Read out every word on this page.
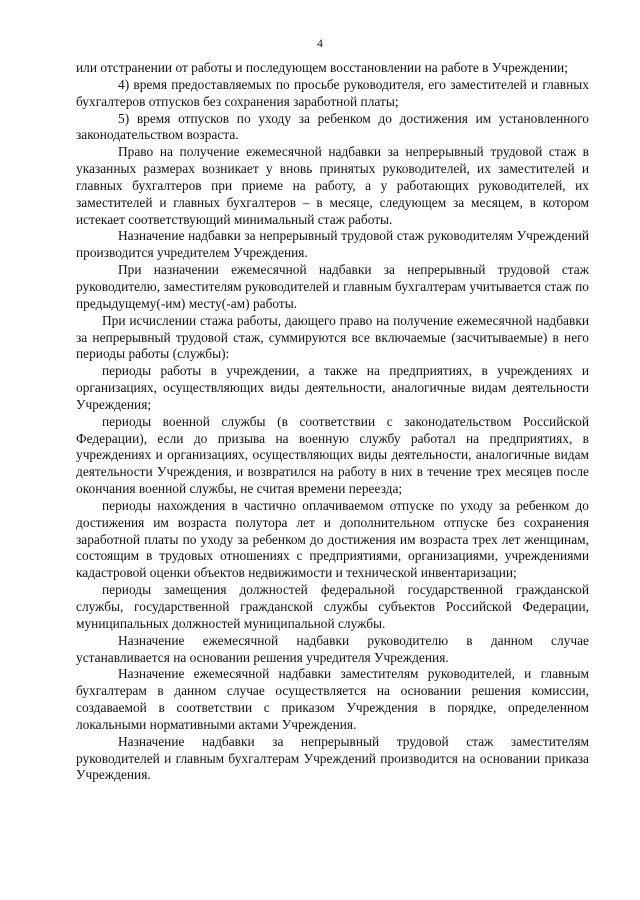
4

или отстранении от работы и последующем восстановлении на работе в Учреждении;

4) время предоставляемых по просьбе руководителя, его заместителей и главных бухгалтеров отпусков без сохранения заработной платы;

5) время отпусков по уходу за ребенком до достижения им установленного законодательством возраста.

Право на получение ежемесячной надбавки за непрерывный трудовой стаж в указанных размерах возникает у вновь принятых руководителей, их заместителей и главных бухгалтеров при приеме на работу, а у работающих руководителей, их заместителей и главных бухгалтеров – в месяце, следующем за месяцем, в котором истекает соответствующий минимальный стаж работы.

Назначение надбавки за непрерывный трудовой стаж руководителям Учреждений производится учредителем Учреждения.

При назначении ежемесячной надбавки за непрерывный трудовой стаж руководителю, заместителям руководителей и главным бухгалтерам учитывается стаж по предыдущему(-им) месту(-ам) работы.

При исчислении стажа работы, дающего право на получение ежемесячной надбавки за непрерывный трудовой стаж, суммируются все включаемые (засчитываемые) в него периоды работы (службы):

периоды работы в учреждении, а также на предприятиях, в учреждениях и организациях, осуществляющих виды деятельности, аналогичные видам деятельности Учреждения;

периоды военной службы (в соответствии с законодательством Российской Федерации), если до призыва на военную службу работал на предприятиях, в учреждениях и организациях, осуществляющих виды деятельности, аналогичные видам деятельности Учреждения, и возвратился на работу в них в течение трех месяцев после окончания военной службы, не считая времени переезда;

периоды нахождения в частично оплачиваемом отпуске по уходу за ребенком до достижения им возраста полутора лет и дополнительном отпуске без сохранения заработной платы по уходу за ребенком до достижения им возраста трех лет женщинам, состоящим в трудовых отношениях с предприятиями, организациями, учреждениями кадастровой оценки объектов недвижимости и технической инвентаризации;

периоды замещения должностей федеральной государственной гражданской службы, государственной гражданской службы субъектов Российской Федерации, муниципальных должностей муниципальной службы.

Назначение ежемесячной надбавки руководителю в данном случае устанавливается на основании решения учредителя Учреждения.

Назначение ежемесячной надбавки заместителям руководителей, и главным бухгалтерам в данном случае осуществляется на основании решения комиссии, создаваемой в соответствии с приказом Учреждения в порядке, определенном локальными нормативными актами Учреждения.

Назначение надбавки за непрерывный трудовой стаж заместителям руководителей и главным бухгалтерам Учреждений производится на основании приказа Учреждения.
